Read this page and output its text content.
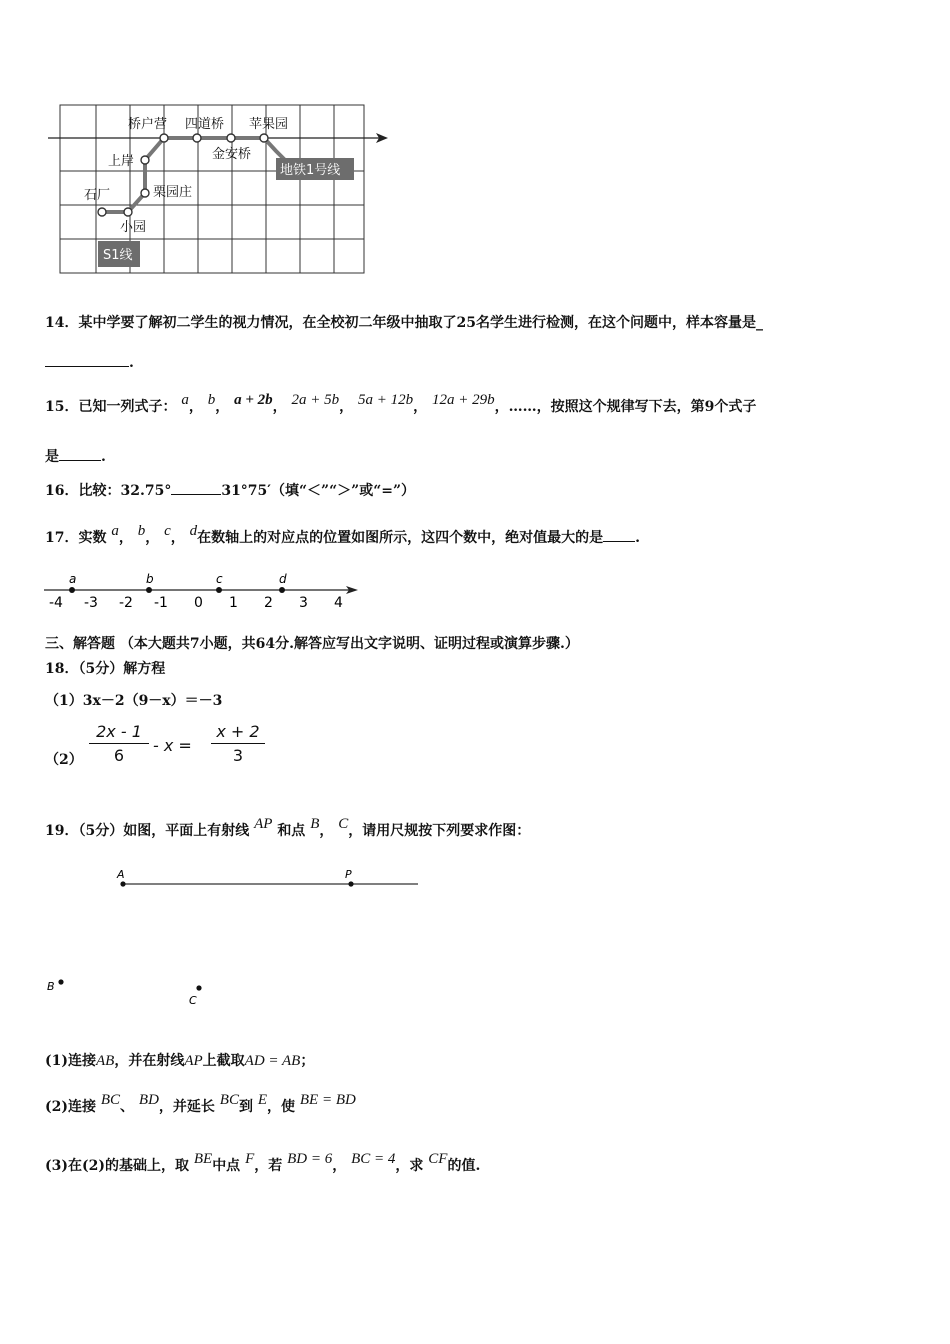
桥户营 四道桥 苹果园
金安桥
上岸
栗园庄
石厂
小园
地铁1号线
S1线
14．某中学要了解初二学生的视力情况，在全校初二年级中抽取了25名学生进行检测，在这个问题中，样本容量是_
.
15．已知一列式子： a， b， a + 2b， 2a + 5b， 5a + 12b， 12a + 29b，……，按照这个规律写下去，第9个式子
是	.
16．比较：32.75°	31°75′（填“＜”“＞”或“=”）
17．实数 a， b， c， d在数轴上的对应点的位置如图所示，这四个数中，绝对值最大的是 .
-4 -3 -2 -1 0 1 2 3 4
a	b	c	d
三、解答题 （本大题共7小题，共64分.解答应写出文字说明、证明过程或演算步骤.）
18．（5分）解方程
（1）3x－2（9－x）＝－3
（2）
2x - 1
6
- x =
x + 2
3
19．（5分）如图，平面上有射线 AP 和点 B， C，请用尺规按下列要求作图：
A	P
B
C
(1)连接AB，并在射线AP上截取AD = AB；
(2)连接 BC、 BD，并延长 BC到 E，使 BE = BD
(3)在(2)的基础上，取 BE中点 F，若 BD = 6， BC = 4，求 CF的值.
